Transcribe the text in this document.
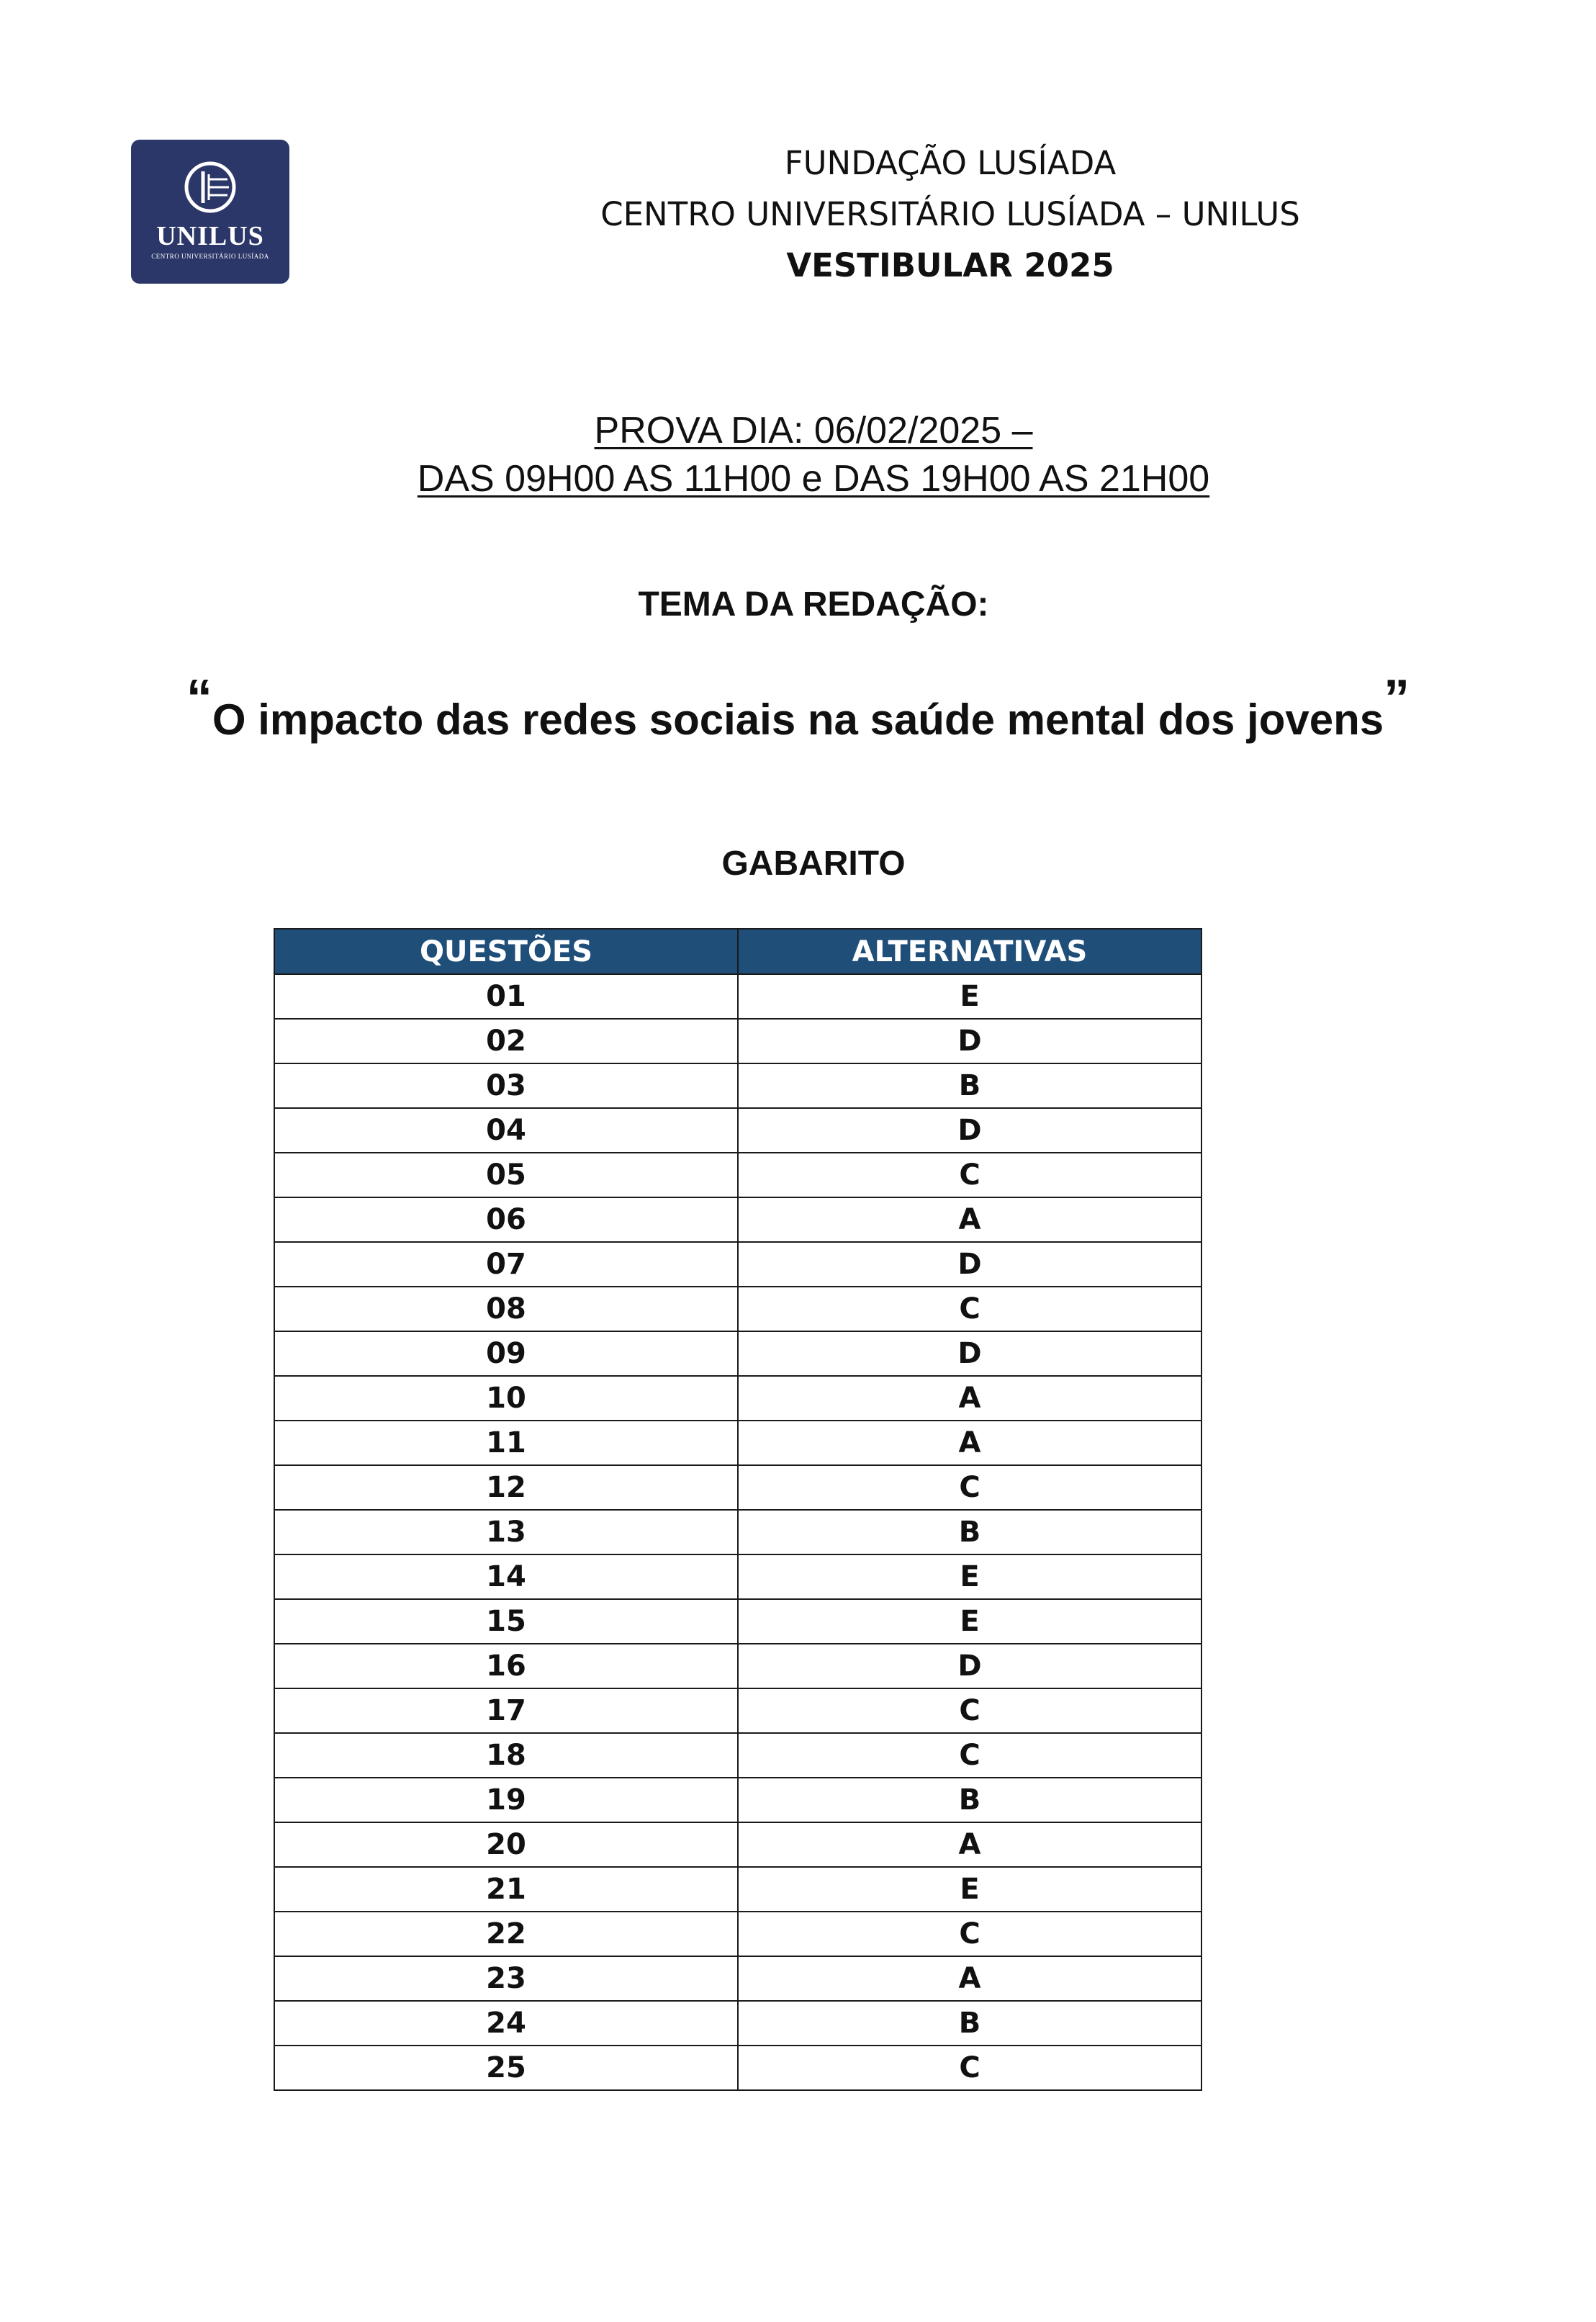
UNILUS
CENTRO UNIVERSITÁRIO LUSÍADA
FUNDAÇÃO LUSÍADA
CENTRO UNIVERSITÁRIO LUSÍADA – UNILUS
VESTIBULAR 2025
PROVA DIA: 06/02/2025 –
DAS 09H00 AS 11H00 e DAS 19H00 AS 21H00
TEMA DA REDAÇÃO:
“O impacto das redes sociais na saúde mental dos jovens”
GABARITO
QUESTÕES	ALTERNATIVAS
01	E
02	D
03	B
04	D
05	C
06	A
07	D
08	C
09	D
10	A
11	A
12	C
13	B
14	E
15	E
16	D
17	C
18	C
19	B
20	A
21	E
22	C
23	A
24	B
25	C
